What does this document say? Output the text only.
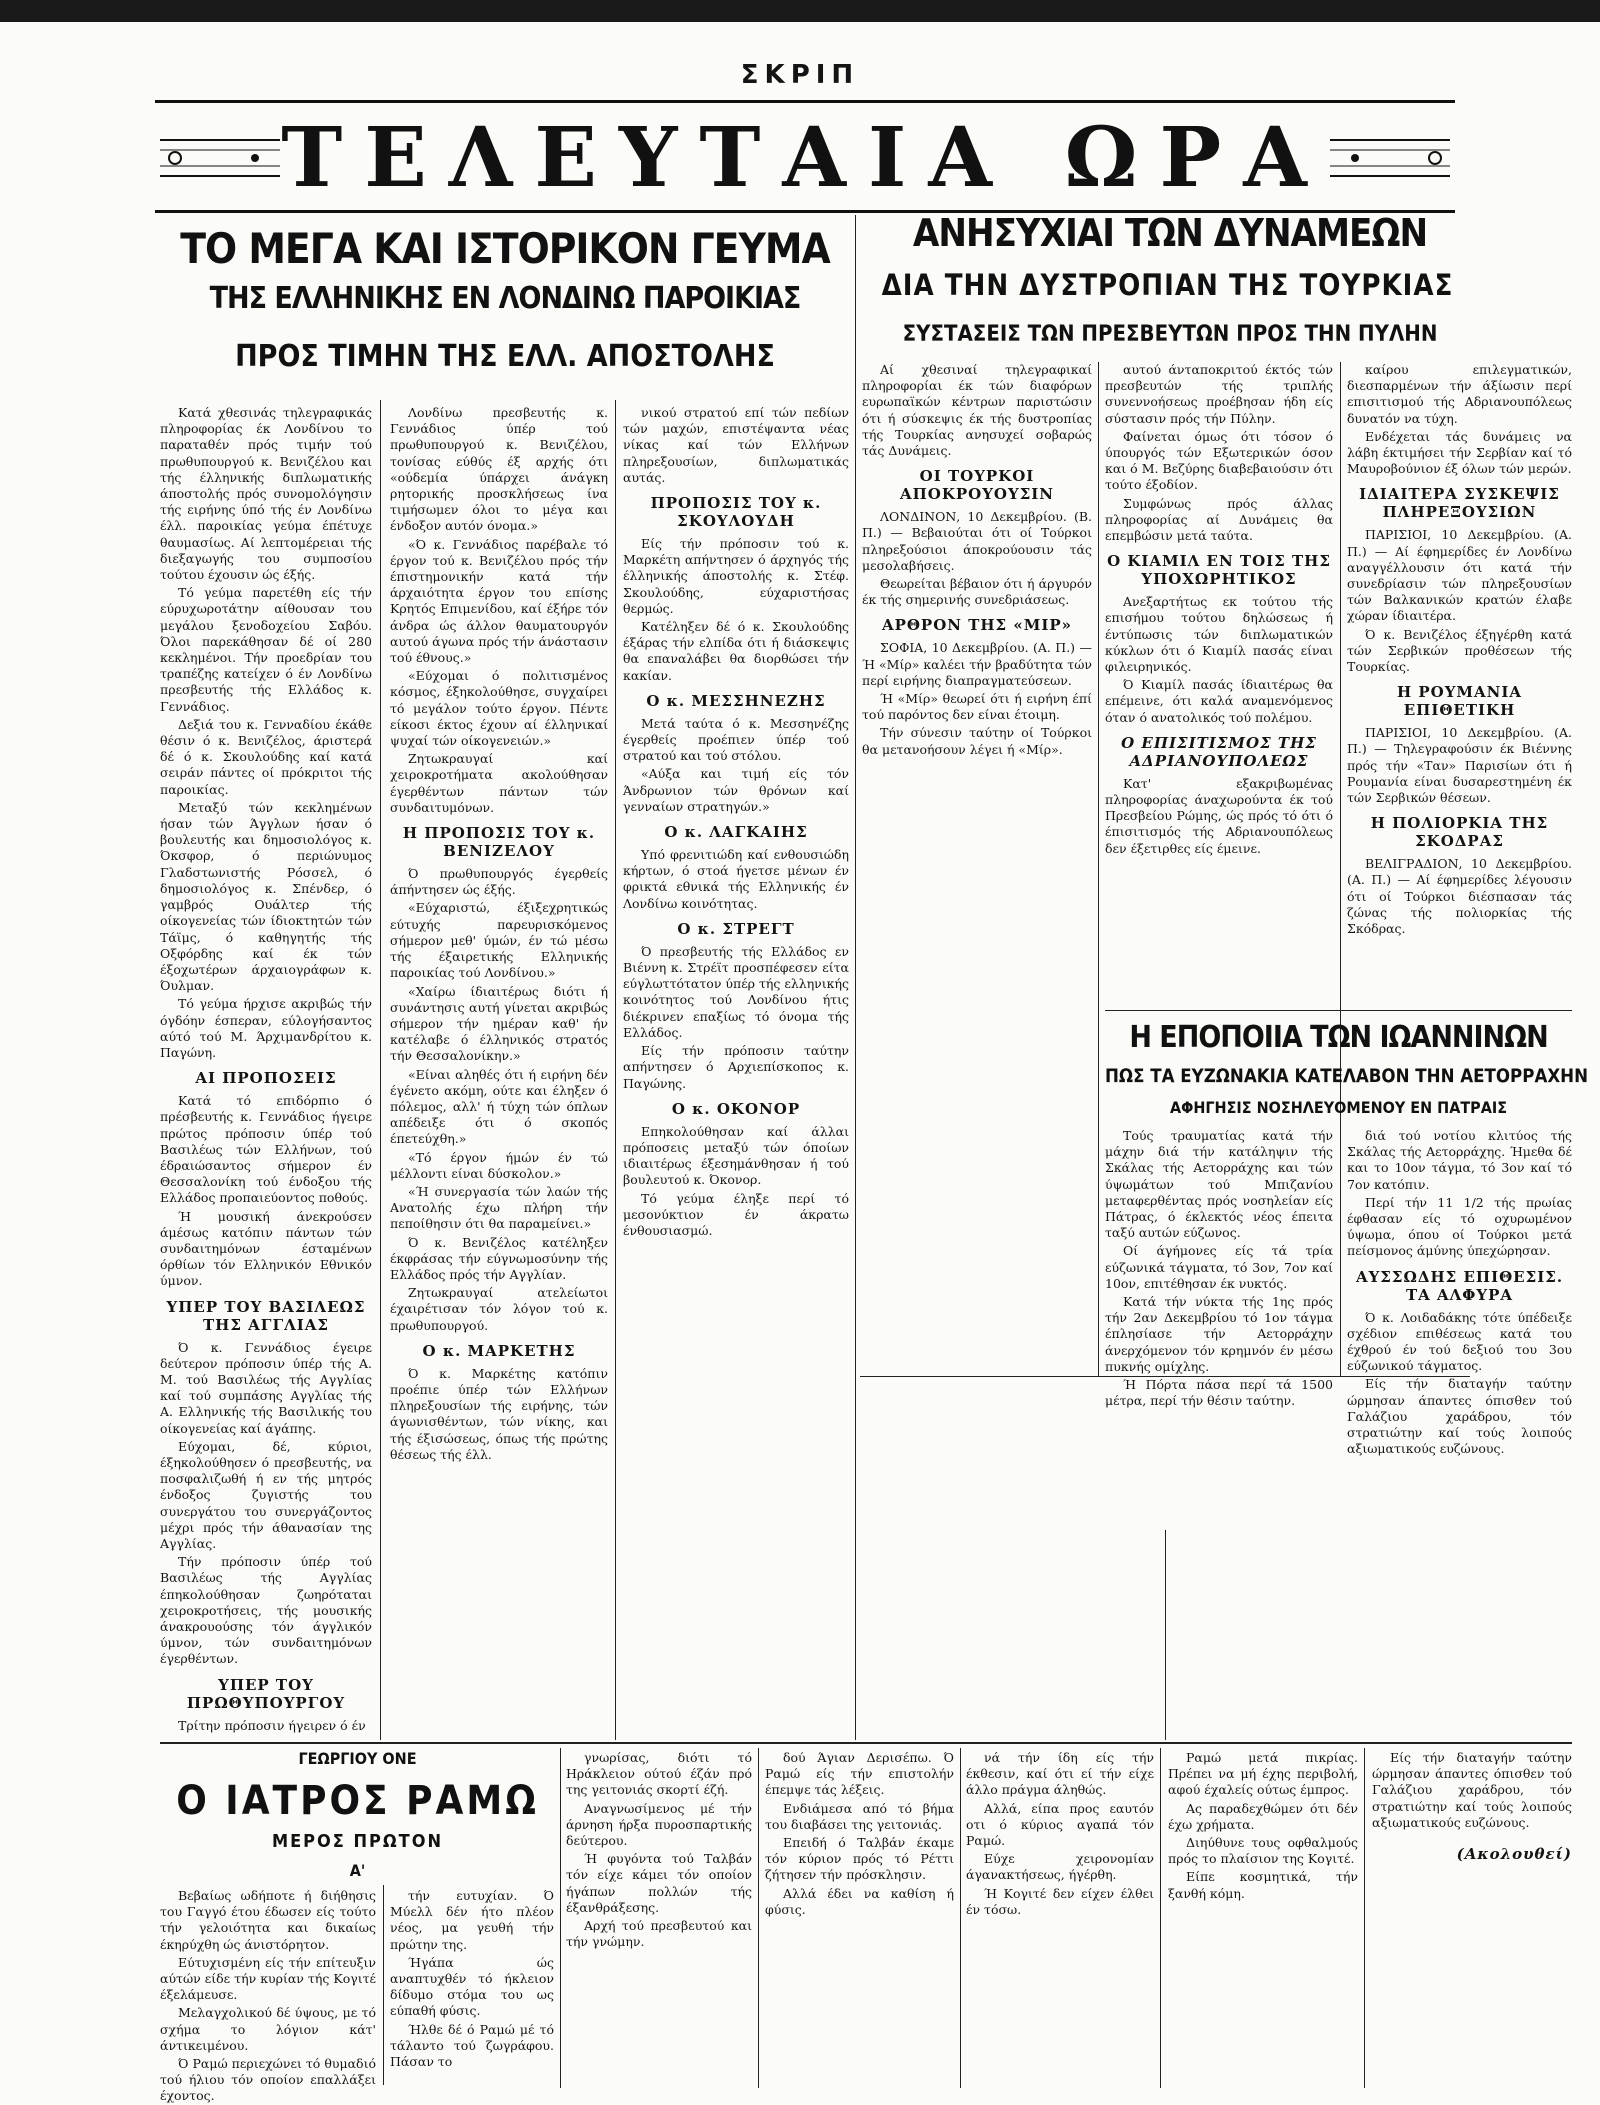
ΣΚΡΙΠ
ΤΕΛΕΥΤΑΙΑ ΩΡΑ
ΤΟ ΜΕΓΑ ΚΑΙ ΙΣΤΟΡΙΚΟΝ ΓΕΥΜΑ
ΤΗΣ ΕΛΛΗΝΙΚΗΣ ΕΝ ΛΟΝΔΙΝΩ ΠΑΡΟΙΚΙΑΣ
ΠΡΟΣ ΤΙΜΗΝ ΤΗΣ ΕΛΛ. ΑΠΟΣΤΟΛΗΣ
ΑΝΗΣΥΧΙΑΙ ΤΩΝ ΔΥΝΑΜΕΩΝ
ΔΙΑ ΤΗΝ ΔΥΣΤΡΟΠΙΑΝ ΤΗΣ ΤΟΥΡΚΙΑΣ
ΣΥΣΤΑΣΕΙΣ ΤΩΝ ΠΡΕΣΒΕΥΤΩΝ ΠΡΟΣ ΤΗΝ ΠΥΛΗΝ

Κατά χθεσινάς τηλεγραφικάς πληροφορίας έκ Λονδίνου το παραταθέν πρός τιμήν τού πρωθυπουργού κ. Βενιζέλου και τής έλληνικής διπλωματικής άποστολής πρός συνομολόγησιν τής ειρήνης ύπό τής έν Λονδίνω έλλ. παροικίας γεύμα έπέτυχε θαυμασίως. Αί λεπτομέρειαι τής διεξαγωγής του συμποσίου τούτου έχουσιν ώς έξής.

Τό γεύμα παρετέθη είς τήν εύρυχωροτάτην αίθουσαν του μεγάλου ξενοδοχείου Σαβόυ. Όλοι παρεκάθησαν δέ οί 280 κεκλημένοι. Τήν προεδρίαν του τραπέζης κατείχεν ό έν Λονδίνω πρεσβευτής τής Ελλάδος κ. Γεννάδιος.

Δεξιά του κ. Γενναδίου έκάθε θέσιν ό κ. Βενιζέλος, άριστερά δέ ό κ. Σκουλούδης καί κατά σειράν πάντες οί πρόκριτοι τής παροικίας.

Μεταξύ τών κεκλημένων ήσαν τών Άγγλων ήσαν ό βουλευτής και δημοσιολόγος κ. Όκσφορ, ό περιώνυμος Γλαδστωνιστής Ρόσσελ, ό δημοσιολόγος κ. Σπένδερ, ό γαμβρός Ουάλτερ τής οίκογενείας τών ίδιοκτητών τών Τάϊμς, ό καθηγητής τής Οξφόρδης καί έκ τών έξοχωτέρων άρχαιογράφων κ. Όυλμαν.

Τό γεύμα ήρχισε ακριβώς τήν όγδόην έσπεραν, εύλογήσαντος αύτό τού Μ. Άρχιμανδρίτου κ. Παγώνη.

ΑΙ ΠΡΟΠΟΣΕΙΣ

Κατά τό επιδόρπιο ό πρέσβευτής κ. Γεννάδιος ήγειρε πρώτος πρόποσιν ύπέρ τού Βασιλέως τών Ελλήνων, τού έδραιώσαντος σήμερον έν Θεσσαλονίκη τού ένδοξου τής Ελλάδος προπαιεύοντος ποθούς.

Ή μουσική άνεκρούσεν άμέσως κατόπιν πάντων τών συνδαιτημόνων έσταμένων όρθίων τόν Ελληνικόν Εθνικόν ύμνον.

ΥΠΕΡ ΤΟΥ ΒΑΣΙΛΕΩΣ ΤΗΣ ΑΓΓΛΙΑΣ

Ό κ. Γεννάδιος έγειρε δεύτερον πρόποσιν ύπέρ τής Α. Μ. τού Βασιλέως τής Αγγλίας καί τού συμπάσης Αγγλίας τής Α. Ελληνικής τής Βασιλικής του οίκογενείας καί άγάπης.

Εύχομαι, δέ, κύριοι, έξηκολούθησεν ό πρεσβευτής, να ποσφαλιζωθή ή εν τής μητρός ένδοξος ζυγιστής του συνεργάτου του συνεργάζοντος μέχρι πρός τήν άθανασίαν της Αγγλίας.

Τήν πρόποσιν ύπέρ τού Βασιλέως τής Αγγλίας έπηκολούθησαν ζωηρόταται χειροκροτήσεις, τής μουσικής άνακρουούσης τόν άγγλικόν ύμνον, τών συνδαιτημόνων έγερθέντων.

ΥΠΕΡ ΤΟΥ ΠΡΩΘΥΠΟΥΡΓΟΥ

Τρίτην πρόποσιν ήγειρεν ό έν

Λονδίνω πρεσβευτής κ. Γεννάδιος ύπέρ τού πρωθυπουργού κ. Βενιζέλου, τονίσας εύθύς έξ αρχής ότι «ούδεμία ύπάρχει άνάγκη ρητορικής προσκλήσεως ίνα τιμήσωμεν όλοι το μέγα και ένδοξον αυτόν όνομα.»

«Ό κ. Γεννάδιος παρέβαλε τό έργον τού κ. Βενιζέλου πρός τήν έπιστημονικήν κατά τήν άρχαιότητα έργον του επίσης Κρητός Επιμενίδου, καί έξήρε τόν άνδρα ώς άλλον θαυματουργόν αυτού άγωνα πρός τήν άνάστασιν τού έθνους.»

«Εύχομαι ό πολιτισμένος κόσμος, έξηκολούθησε, συγχαίρει τό μεγάλον τούτο έργον. Πέντε είκοσι έκτος έχουν αί έλληνικαί ψυχαί τών οίκογενειών.»

Ζητωκραυγαί καί χειροκροτήματα ακολούθησαν έγερθέντων πάντων τών συνδαιτυμόνων.

Η ΠΡΟΠΟΣΙΣ ΤΟΥ κ. ΒΕΝΙΖΕΛΟΥ

Ό πρωθυπουργός έγερθείς άπήντησεν ώς έξής.

«Εύχαριστώ, έξιξεχρητικώς εύτυχής παρευρισκόμενος σήμερον μεθ' ύμών, έν τώ μέσω τής έξαιρετικής Ελληνικής παροικίας τού Λονδίνου.»

«Χαίρω ίδιαιτέρως διότι ή συνάντησις αυτή γίνεται ακριβώς σήμερον τήν ημέραν καθ' ήν κατέλαβε ό έλληνικός στρατός τήν Θεσσαλονίκην.»

«Είναι αληθές ότι ή ειρήνη δέν έγένετο ακόμη, ούτε και έληξεν ό πόλεμος, αλλ' ή τύχη τών όπλων απέδειξε ότι ό σκοπός έπετεύχθη.»

«Τό έργον ήμών έν τώ μέλλοντι είναι δύσκολον.»

«Ή συνεργασία τών λαών τής Ανατολής έχω πλήρη τήν πεποίθησιν ότι θα παραμείνει.»

Ό κ. Βενιζέλος κατέληξεν έκφράσας τήν εύγνωμοσύνην τής Ελλάδος πρός τήν Αγγλίαν.

Ζητωκραυγαί ατελείωτοι έχαιρέτισαν τόν λόγον τού κ. πρωθυπουργού.

Ο κ. ΜΑΡΚΕΤΗΣ

Ό κ. Μαρκέτης κατόπιν προέπιε ύπέρ τών Ελλήνων πληρεξουσίων τής ειρήνης, τών άγωνισθέντων, τών νίκης, και τής έξισώσεως, όπως τής πρώτης θέσεως τής έλλ.

νικού στρατού επί τών πεδίων τών μαχών, επιστέψαντα νέας νίκας καί τών Ελλήνων πληρεξουσίων, διπλωματικάς αυτάς.

ΠΡΟΠΟΣΙΣ ΤΟΥ κ. ΣΚΟΥΛΟΥΔΗ

Είς τήν πρόποσιν τού κ. Μαρκέτη απήντησεν ό άρχηγός τής έλληνικής άποστολής κ. Στέφ. Σκουλούδης, εύχαριστήσας θερμώς.

Κατέληξεν δέ ό κ. Σκουλούδης έξάρας τήν ελπίδα ότι ή διάσκεψις θα επαναλάβει θα διορθώσει τήν κακίαν.

Ο κ. ΜΕΣΣΗΝΕΖΗΣ

Μετά ταύτα ό κ. Μεσσηνέζης έγερθείς προέπιεν ύπέρ τού στρατού και τού στόλου.

«Αύξα και τιμή είς τόν Άνδρωνιον τών θρόνων καί γενναίων στρατηγών.»

Ο κ. ΛΑΓΚΑΙΗΣ

Υπό φρενιτιώδη καί ενθουσιώδη κήρτων, ό στοά ήγετσε μένων έν φρικτά εθνικά τής Ελληνικής έν Λονδίνω κοινότητας.

Ο κ. ΣΤΡΕΓΤ

Ό πρεσβευτής τής Ελλάδος εν Βιέννη κ. Στρέϊτ προσπέφεσεν είτα εύγλωττότατον ύπέρ τής ελληνικής κοινότητος τού Λονδίνου ήτις διέκρινεν επαξίως τό όνομα τής Ελλάδος.

Είς τήν πρόποσιν ταύτην απήντησεν ό Αρχιεπίσκοπος κ. Παγώνης.

Ο κ. ΟΚΟΝΟΡ

Επηκολούθησαν καί άλλαι πρόποσεις μεταξύ τών όποίων ιδιαιτέρως έξεσημάνθησαν ή τού βουλευτού κ. Όκονορ.

Τό γεύμα έληξε περί τό μεσονύκτιον έν άκρατω ένθουσιασμώ.

Αί χθεσιναί τηλεγραφικαί πληροφορίαι έκ τών διαφόρων ευρωπαϊκών κέντρων παριστώσιν ότι ή σύσκεψις έκ τής δυστροπίας τής Τουρκίας ανησυχεί σοβαρώς τάς Δυνάμεις.

ΟΙ ΤΟΥΡΚΟΙ ΑΠΟΚΡΟΥΟΥΣΙΝ

ΛΟΝΔΙΝΟΝ, 10 Δεκεμβρίου. (Β. Π.) — Βεβαιούται ότι οί Τούρκοι πληρεξούσιοι άποκρούουσιν τάς μεσολαβήσεις.

Θεωρείται βέβαιον ότι ή άργυρόν έκ τής σημερινής συνεδριάσεως.

ΑΡΘΡΟΝ ΤΗΣ «ΜΙΡ»

ΣΟΦΙΑ, 10 Δεκεμβρίου. (Α. Π.) — Ή «Μίρ» καλέει τήν βραδύτητα τών περί ειρήνης διαπραγματεύσεων.

Ή «Μίρ» θεωρεί ότι ή ειρήνη έπί τού παρόντος δεν είναι έτοιμη.

Τήν σύνεσιν ταύτην οί Τούρκοι θα μετανοήσουν λέγει ή «Μίρ».

αυτού άνταποκριτού έκτός τών πρεσβευτών τής τριπλής συνεννοήσεως προέβησαν ήδη είς σύστασιν πρός τήν Πύλην.

Φαίνεται όμως ότι τόσον ό ύπουργός τών Εξωτερικών όσον και ό Μ. Βεζύρης διαβεβαιούσιν ότι τούτο έξοδίον.

Συμφώνως πρός άλλας πληροφορίας αί Δυνάμεις θα επεμβώσιν μετά ταύτα.

Ο ΚΙΑΜΙΛ ΕΝ ΤΟΙΣ ΤΗΣ ΥΠΟΧΩΡΗΤΙΚΟΣ

Ανεξαρτήτως εκ τούτου τής επισήμου τούτου δηλώσεως ή έντύπωσις τών διπλωματικών κύκλων ότι ό Κιαμίλ πασάς είναι φιλειρηνικός.

Ό Κιαμίλ πασάς ίδιαιτέρως θα επέμεινε, ότι καλά αναμενόμενος όταν ό ανατολικός τού πολέμου.

Ο ΕΠΙΣΙΤΙΣΜΟΣ ΤΗΣ ΑΔΡΙΑΝΟΥΠΟΛΕΩΣ

Κατ' εξακριβωμένας πληροφορίας άναχωρούντα έκ τού Πρεσβείου Ρώμης, ώς πρός τό ότι ό έπισιτισμός τής Αδριανουπόλεως δεν έξετιρθες είς έμεινε.

καίρου επιλεγματικών, διεσπαρμένων τήν άξίωσιν περί επισιτισμού τής Αδριανουπόλεως δυνατόν να τύχη.

Ενδέχεται τάς δυνάμεις να λάβη έκτιμήσει τήν Σερβίαν καί τό Μαυροβούνιον έξ όλων τών μερών.

ΙΔΙΑΙΤΕΡΑ ΣΥΣΚΕΨΙΣ ΠΛΗΡΕΞΟΥΣΙΩΝ

ΠΑΡΙΣΙΟΙ, 10 Δεκεμβρίου. (Α. Π.) — Αί έφημερίδες έν Λονδίνω αναγγέλλουσιν ότι κατά τήν συνεδρίασιν τών πληρεξουσίων τών Βαλκανικών κρατών έλαβε χώραν ίδιαιτέρα.

Ό κ. Βενιζέλος έξηγέρθη κατά τών Σερβικών προθέσεων τής Τουρκίας.

Η ΡΟΥΜΑΝΙΑ ΕΠΙΘΕΤΙΚΗ

ΠΑΡΙΣΙΟΙ, 10 Δεκεμβρίου. (Α. Π.) — Τηλεγραφούσιν έκ Βιέννης πρός τήν «Ταν» Παρισίων ότι ή Ρουμανία είναι δυσαρεστημένη έκ τών Σερβικών θέσεων.

Η ΠΟΛΙΟΡΚΙΑ ΤΗΣ ΣΚΟΔΡΑΣ

ΒΕΛΙΓΡΑΔΙΟΝ, 10 Δεκεμβρίου. (Α. Π.) — Αί έφημερίδες λέγουσιν ότι οί Τούρκοι διέσπασαν τάς ζώνας τής πολιορκίας τής Σκόδρας.

Η ΕΠΟΠΟΙΙΑ ΤΩΝ ΙΩΑΝΝΙΝΩΝ
ΠΩΣ ΤΑ ΕΥΖΩΝΑΚΙΑ ΚΑΤΕΛΑΒΟΝ ΤΗΝ ΑΕΤΟΡΡΑΧΗΝ
ΑΦΗΓΗΣΙΣ ΝΟΣΗΛΕΥΟΜΕΝΟΥ ΕΝ ΠΑΤΡΑΙΣ

Τούς τραυματίας κατά τήν μάχην διά τήν κατάληψιν τής Σκάλας τής Αετορράχης και τών ύψωμάτων τού Μπιζανίου μεταφερθέντας πρός νοσηλείαν είς Πάτρας, ό έκλεκτός νέος έπειτα ταξύ αυτών εύζωνος.

Οί άγήμονες είς τά τρία εύζωνικά τάγματα, τό 3ον, 7ον καί 10ον, επιτέθησαν έκ νυκτός.

Κατά τήν νύκτα τής 1ης πρός τήν 2αν Δεκεμβρίου τό 1ον τάγμα έπλησίασε τήν Αετορράχην άνερχόμενον τόν κρημνόν έν μέσω πυκνής ομίχλης.

Ή Πόρτα πάσα περί τά 1500 μέτρα, περί τήν θέσιν ταύτην.

διά τού νοτίου κλιτύος τής Σκάλας τής Αετορράχης. Ήμεθα δέ και το 10ον τάγμα, τό 3ον καί τό 7ον κατόπιν.

Περί τήν 11 1/2 τής πρωίας έφθασαν είς τό οχυρωμένον ύψωμα, όπου οί Τούρκοι μετά πείσμονος άμύνης ύπεχώρησαν.

ΑΥΣΣΩΔΗΣ ΕΠΙΘΕΣΙΣ. ΤΑ ΑΛΦΥΡΑ

Ό κ. Λοιδαδάκης τότε ύπέδειξε σχέδιον επιθέσεως κατά του έχθρού έν τού δεξιού του 3ου εύζωνικού τάγματος.

Είς τήν διαταγήν ταύτην ώρμησαν άπαντες όπισθεν τού Γαλάζιου χαράδρου, τόν στρατιώτην καί τούς λοιπούς αξιωματικούς ευζώνους.

ΓΕΩΡΓΙΟΥ ΟΝΕ
Ο ΙΑΤΡΟΣ ΡΑΜΩ
ΜΕΡΟΣ ΠΡΩΤΟΝ
Α'

Βεβαίως ωδήποτε ή διήθησις του Γαγγό έτου έδωσεν είς τούτο τήν γελοιότητα και δικαίως έκηρύχθη ώς άνιστόρητον.

Εύτυχισμένη είς τήν επίτευξιν αύτών είδε τήν κυρίαν τής Κογιτέ έξελάμευσε.

Μελαγχολικού δέ ύψους, με τό σχήμα το λόγιον κάτ' άντικειμένου.

Ό Ραμώ περιεχώνει τό θυμαδιό τού ήλιου τόν οποίον επαλλάξει έχοντος.

τήν ευτυχίαν. Ό Μύελλ δέν ήτο πλέον νέος, μα γευθή τήν πρώτην της.

Ήγάπα ώς αναπτυχθέν τό ήκλειον δίδυμο στόμα του ως εύπαθή φύσις.

Ήλθε δέ ό Ραμώ μέ τό τάλαντο τού ζωγράφου. Πάσαν το

γνωρίσας, διότι τό Ηράκλειον ούτού έζάν πρό της γειτονιάς σκορτί έζή.

Αναγνωσίμενος μέ τήν άρνηση ήρξα πυροσπαρτικής δεύτερου.

Ή φυγόντα τού Ταλβάν τόν είχε κάμει τόν οποίον ήγάπων πολλών τής έξανθράξεσης.

Αρχή τού πρεσβευτού και τήν γνώμην.

δού Άγιαν Δερισέπω. Ό Ραμώ είς τήν επιστολήν έπεμψε τάς λέξεις.

Ενδιάμεσα από τό βήμα του διαβάσει της γειτονιάς.

Επειδή ό Ταλβάν έκαμε τόν κύριον πρός τό Ρέττι ζήτησεν τήν πρόσκλησιν.

Αλλά έδει να καθίση ή φύσις.

νά τήν ίδη είς τήν έκθεσιν, καί ότι εί τήν είχε άλλο πράγμα άληθώς.

Αλλά, είπα προς εαυτόν οτι ό κύριος αγαπά τόν Ραμώ.

Εύχε χειρονομίαν άγανακτήσεως, ήγέρθη.

Ή Κογιτέ δεν είχεν έλθει έν τόσω.

Ραμώ μετά πικρίας. Πρέπει να μή έχης περιβολή, αφού έχαλείς ούτως έμπρος.

Ας παραδεχθώμεν ότι δέν έχω χρήματα.

Διηύθυνε τους οφθαλμούς πρός το πλαίσιον της Κογιτέ.

Είπε κοσμητικά, τήν ξανθή κόμη.

Είς τήν διαταγήν ταύτην ώρμησαν άπαντες όπισθεν τού Γαλάζιου χαράδρου, τόν στρατιώτην καί τούς λοιπούς αξιωματικούς ευζώνους.

(Ακολουθεί)
